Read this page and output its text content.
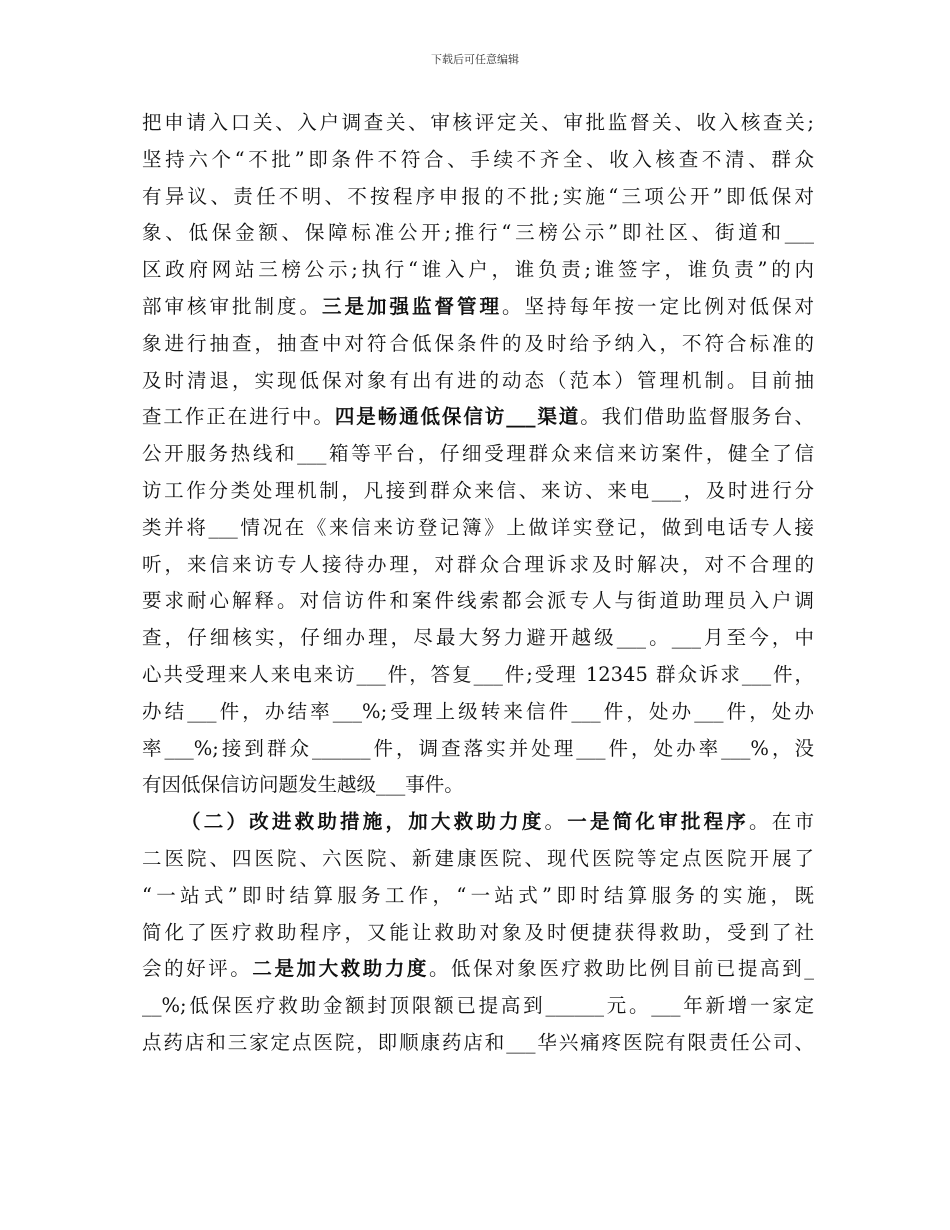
下载后可任意编辑
把申请入口关、入户调查关、审核评定关、审批监督关、收入核查关;
坚持六个“不批”即条件不符合、手续不齐全、收入核查不清、群众
有异议、责任不明、不按程序申报的不批;实施“三项公开”即低保对
象、低保金额、保障标准公开;推行“三榜公示”即社区、街道和___
区政府网站三榜公示;执行“谁入户，谁负责;谁签字，谁负责”的内
部审核审批制度。三是加强监督管理。坚持每年按一定比例对低保对
象进行抽查，抽查中对符合低保条件的及时给予纳入，不符合标准的
及时清退，实现低保对象有出有进的动态（范本）管理机制。目前抽
查工作正在进行中。四是畅通低保信访___渠道。我们借助监督服务台、
公开服务热线和___箱等平台，仔细受理群众来信来访案件，健全了信
访工作分类处理机制，凡接到群众来信、来访、来电___，及时进行分
类并将___情况在《来信来访登记簿》上做详实登记，做到电话专人接
听，来信来访专人接待办理，对群众合理诉求及时解决，对不合理的
要求耐心解释。对信访件和案件线索都会派专人与街道助理员入户调
查，仔细核实，仔细办理，尽最大努力避开越级___。___月至今，中
心共受理来人来电来访___件，答复___件;受理 12345 群众诉求___件，
办结___件，办结率___%;受理上级转来信件___件，处办___件，处办
率___%;接到群众______件，调查落实并处理___件，处办率___%，没
有因低保信访问题发生越级___事件。
（二）改进救助措施，加大救助力度。一是简化审批程序。在市
二医院、四医院、六医院、新建康医院、现代医院等定点医院开展了
“一站式”即时结算服务工作，“一站式”即时结算服务的实施，既
简化了医疗救助程序，又能让救助对象及时便捷获得救助，受到了社
会的好评。二是加大救助力度。低保对象医疗救助比例目前已提高到_
__%;低保医疗救助金额封顶限额已提高到______元。___年新增一家定
点药店和三家定点医院，即顺康药店和___华兴痛疼医院有限责任公司、
